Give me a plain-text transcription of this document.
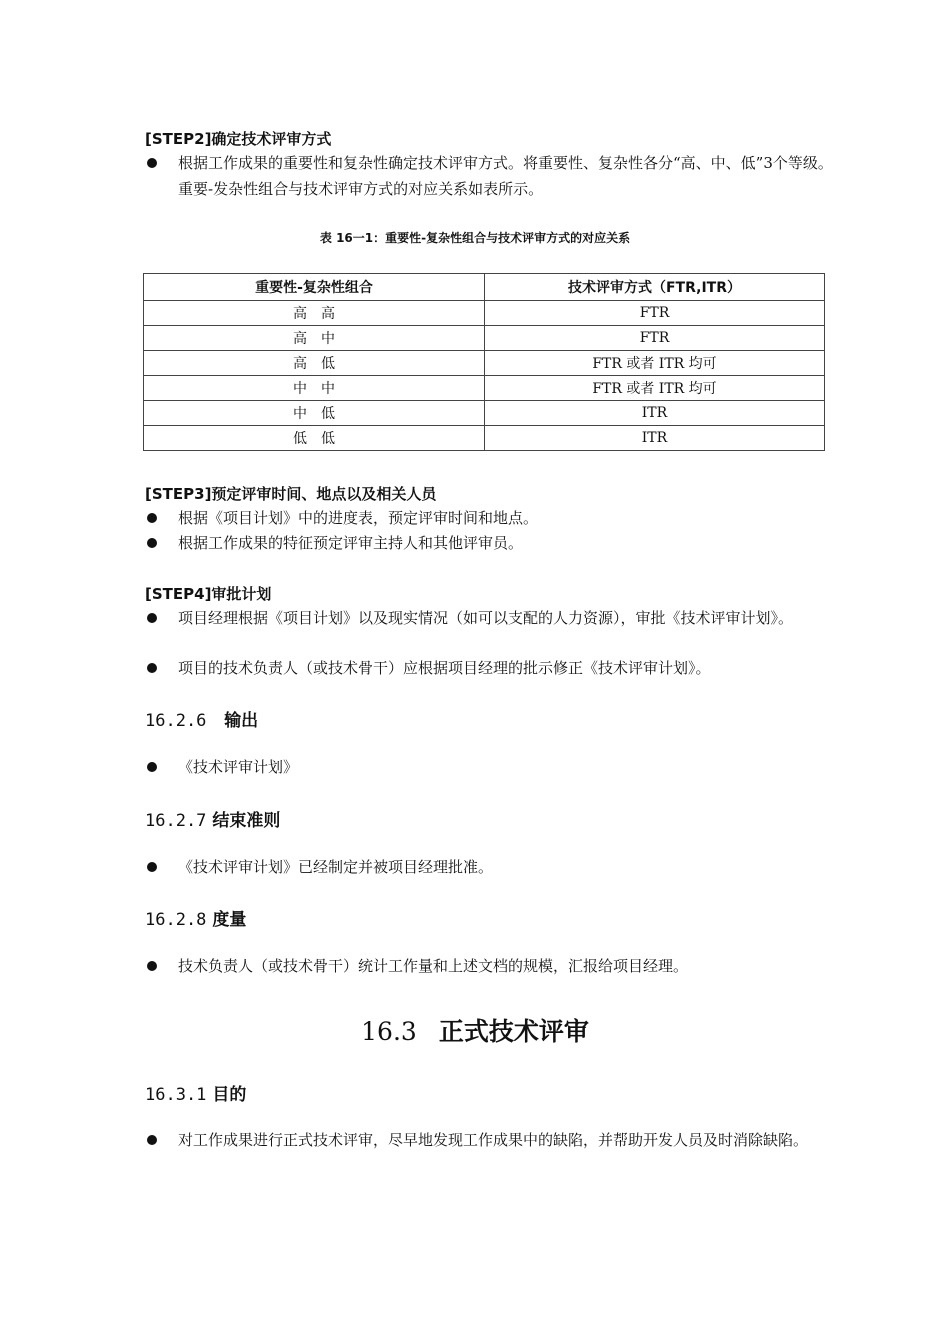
[STEP2]确定技术评审方式
根据工作成果的重要性和复杂性确定技术评审方式。将重要性、复杂性各分“高、中、低”3个等级。重要-发杂性组合与技术评审方式的对应关系如表所示。
表 16一1：重要性-复杂性组合与技术评审方式的对应关系
重要性-复杂性组合	技术评审方式（FTR,ITR）
高　高	FTR
高　中	FTR
高　低	FTR 或者 ITR 均可
中　中	FTR 或者 ITR 均可
中　低	ITR
低　低	ITR
[STEP3]预定评审时间、地点以及相关人员
根据《项目计划》中的进度表，预定评审时间和地点。
根据工作成果的特征预定评审主持人和其他评审员。
[STEP4]审批计划
项目经理根据《项目计划》以及现实情况（如可以支配的人力资源），审批《技术评审计划》。
项目的技术负责人（或技术骨干）应根据项目经理的批示修正《技术评审计划》。
16.2.6 输出
《技术评审计划》
16.2.7 结束准则
《技术评审计划》已经制定并被项目经理批准。
16.2.8 度量
技术负责人（或技术骨干）统计工作量和上述文档的规模，汇报给项目经理。
16.3 正式技术评审
16.3.1 目的
对工作成果进行正式技术评审，尽早地发现工作成果中的缺陷，并帮助开发人员及时消除缺陷。
